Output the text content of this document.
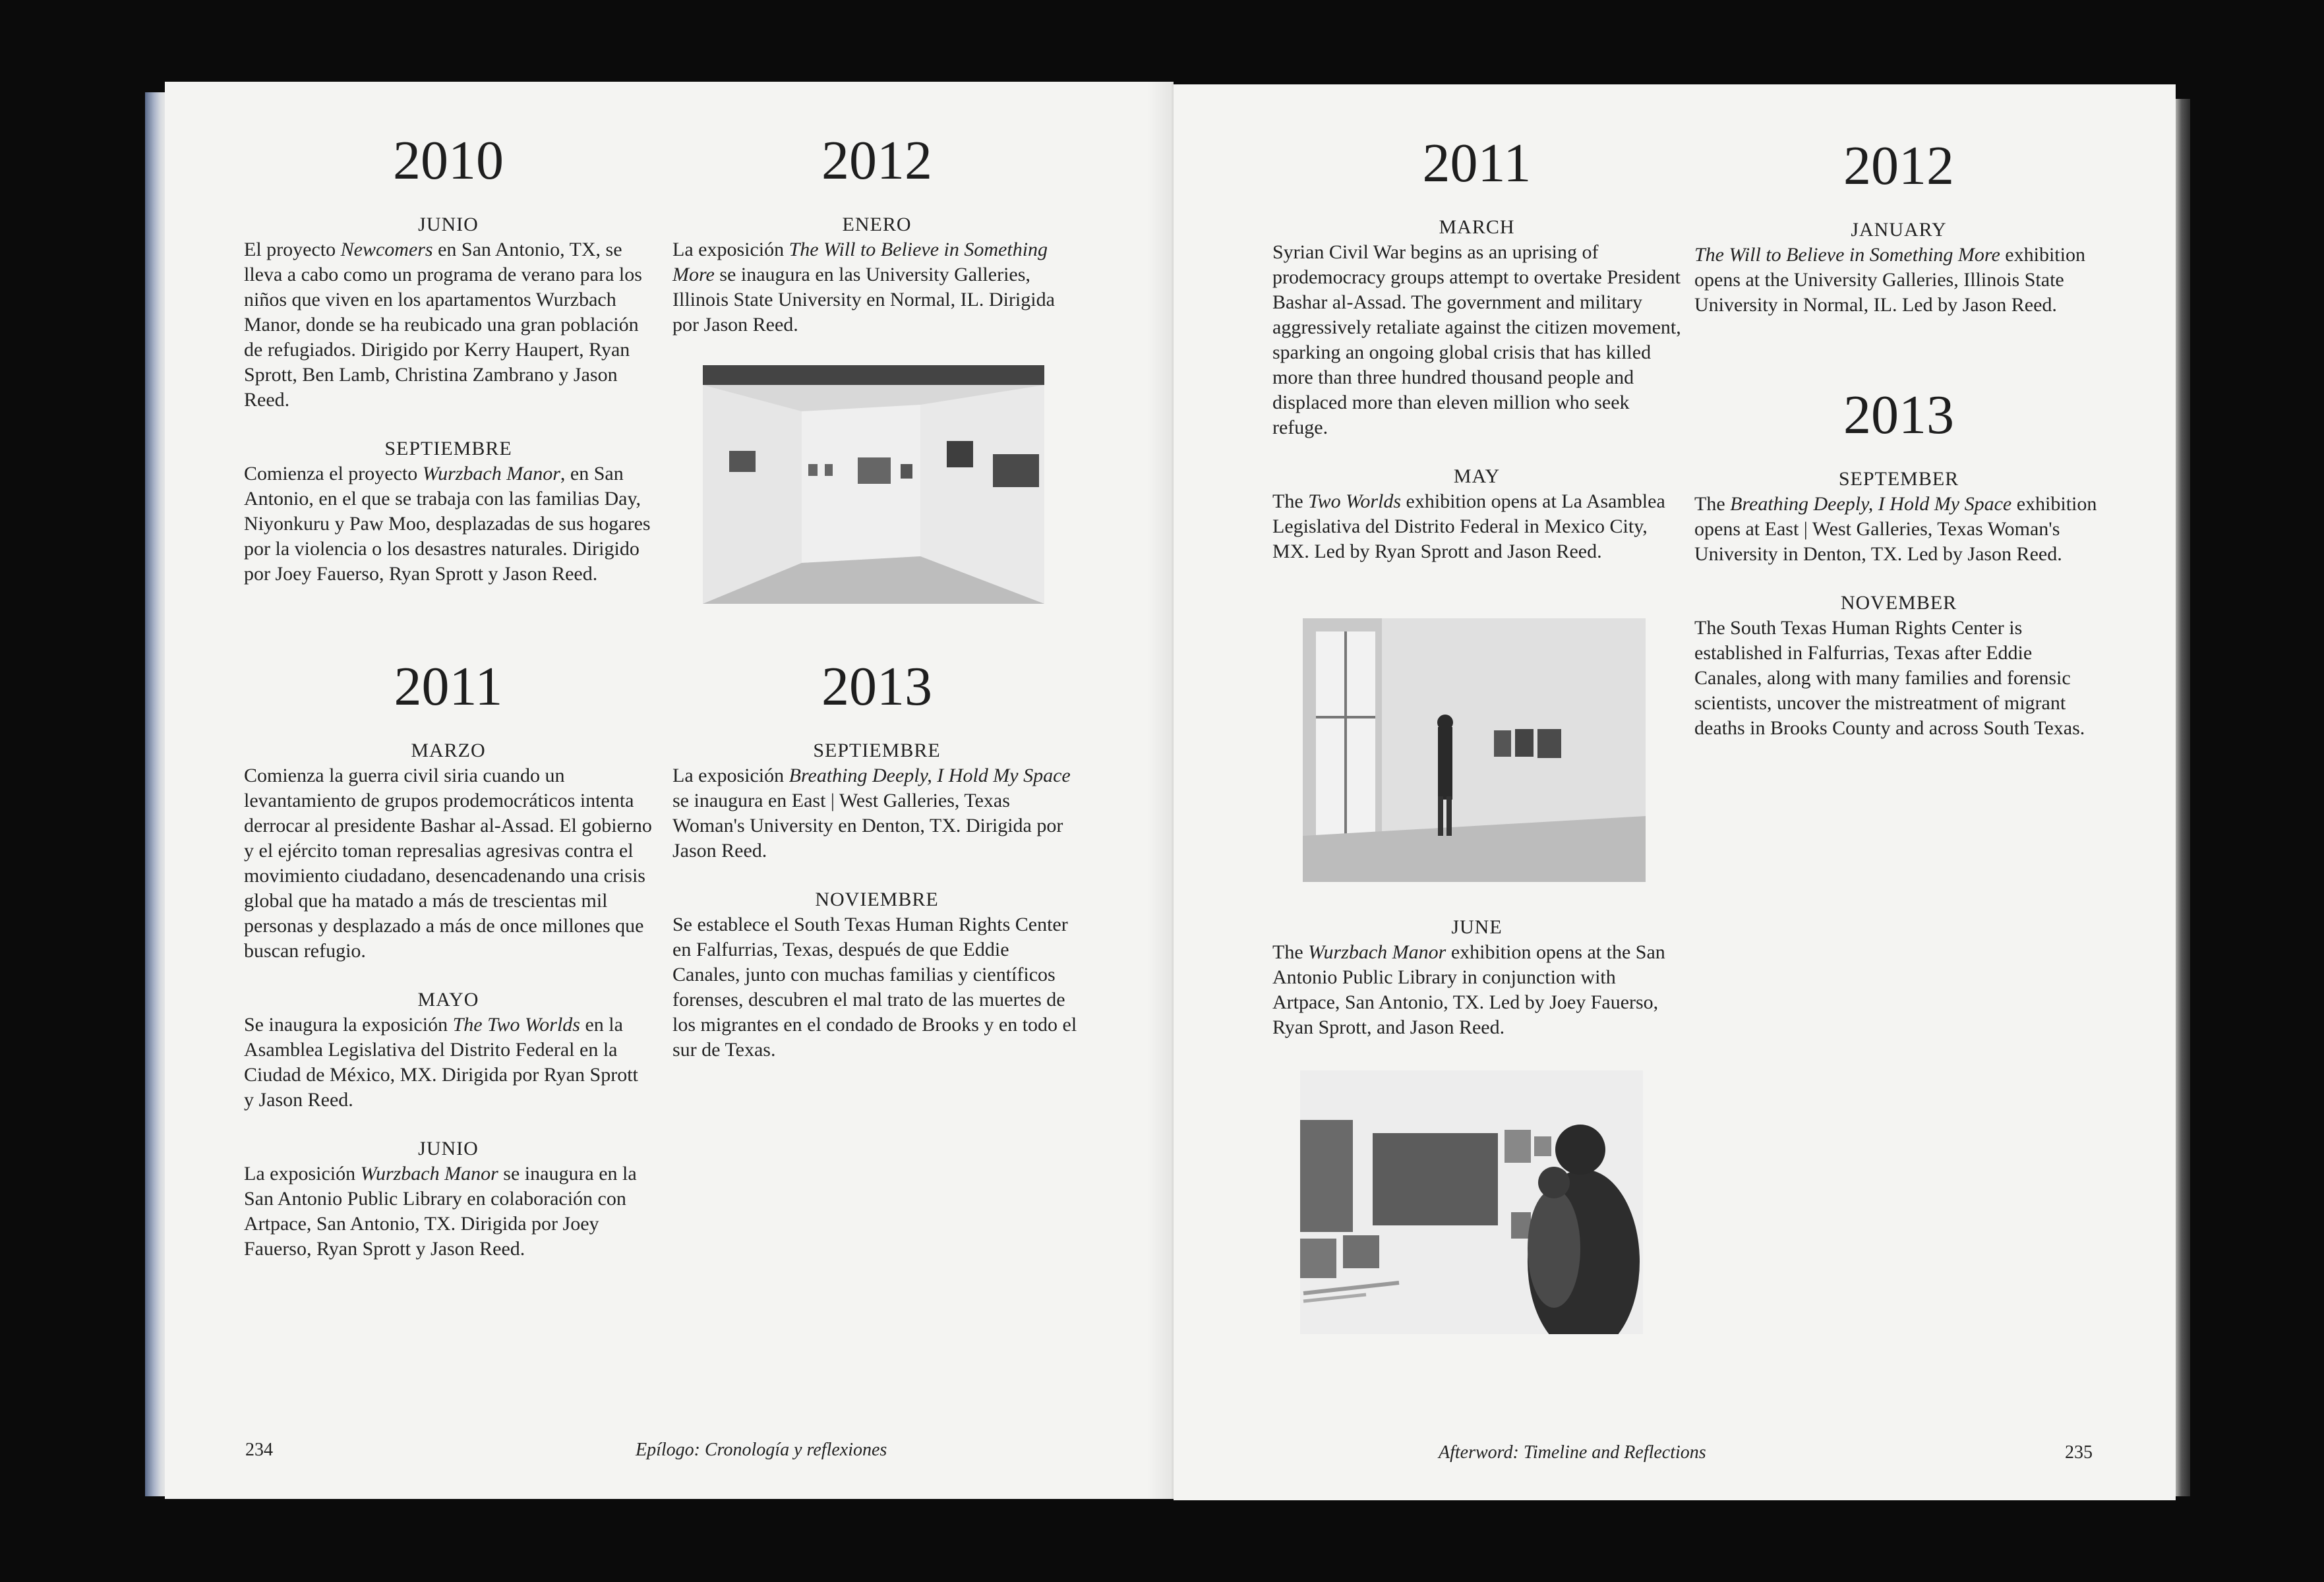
2010
JUNIO
El proyecto Newcomers en San Antonio, TX, se lleva a cabo como un programa de verano para los niños que viven en los apartamentos Wurzbach Manor, donde se ha reubicado una gran población de refugiados. Dirigido por Kerry Haupert, Ryan Sprott, Ben Lamb, Christina Zambrano y Jason Reed.
SEPTIEMBRE
Comienza el proyecto Wurzbach Manor, en San Antonio, en el que se trabaja con las familias Day, Niyonkuru y Paw Moo, desplazadas de sus hogares por la violencia o los desastres naturales. Dirigido por Joey Fauerso, Ryan Sprott y Jason Reed.
2011
MARZO
Comienza la guerra civil siria cuando un levantamiento de grupos prodemocráticos intenta derrocar al presidente Bashar al-Assad. El gobierno y el ejército toman represalias agresivas contra el movimiento ciudadano, desencadenando una crisis global que ha matado a más de trescientas mil personas y desplazado a más de once millones que buscan refugio.
MAYO
Se inaugura la exposición The Two Worlds en la Asamblea Legislativa del Distrito Federal en la Ciudad de México, MX. Dirigida por Ryan Sprott y Jason Reed.
JUNIO
La exposición Wurzbach Manor se inaugura en la San Antonio Public Library en colaboración con Artpace, San Antonio, TX. Dirigida por Joey Fauerso, Ryan Sprott y Jason Reed.
2012
ENERO
La exposición The Will to Believe in Something More se inaugura en las University Galleries, Illinois State University en Normal, IL. Dirigida por Jason Reed.
2013
SEPTIEMBRE
La exposición Breathing Deeply, I Hold My Space se inaugura en East | West Galleries, Texas Woman's University en Denton, TX. Dirigida por Jason Reed.
NOVIEMBRE
Se establece el South Texas Human Rights Center en Falfurrias, Texas, después de que Eddie Canales, junto con muchas familias y científicos forenses, descubren el mal trato de las muertes de los migrantes en el condado de Brooks y en todo el sur de Texas.
234	Epílogo: Cronología y reflexiones
2011
MARCH
Syrian Civil War begins as an uprising of prodemocracy groups attempt to overtake President Bashar al-Assad. The government and military aggressively retaliate against the citizen movement, sparking an ongoing global crisis that has killed more than three hundred thousand people and displaced more than eleven million who seek refuge.
MAY
The Two Worlds exhibition opens at La Asamblea Legislativa del Distrito Federal in Mexico City, MX. Led by Ryan Sprott and Jason Reed.
JUNE
The Wurzbach Manor exhibition opens at the San Antonio Public Library in conjunction with Artpace, San Antonio, TX. Led by Joey Fauerso, Ryan Sprott, and Jason Reed.
2012
JANUARY
The Will to Believe in Something More exhibition opens at the University Galleries, Illinois State University in Normal, IL. Led by Jason Reed.
2013
SEPTEMBER
The Breathing Deeply, I Hold My Space exhibition opens at East | West Galleries, Texas Woman's University in Denton, TX. Led by Jason Reed.
NOVEMBER
The South Texas Human Rights Center is established in Falfurrias, Texas after Eddie Canales, along with many families and forensic scientists, uncover the mistreatment of migrant deaths in Brooks County and across South Texas.
Afterword: Timeline and Reflections	235
